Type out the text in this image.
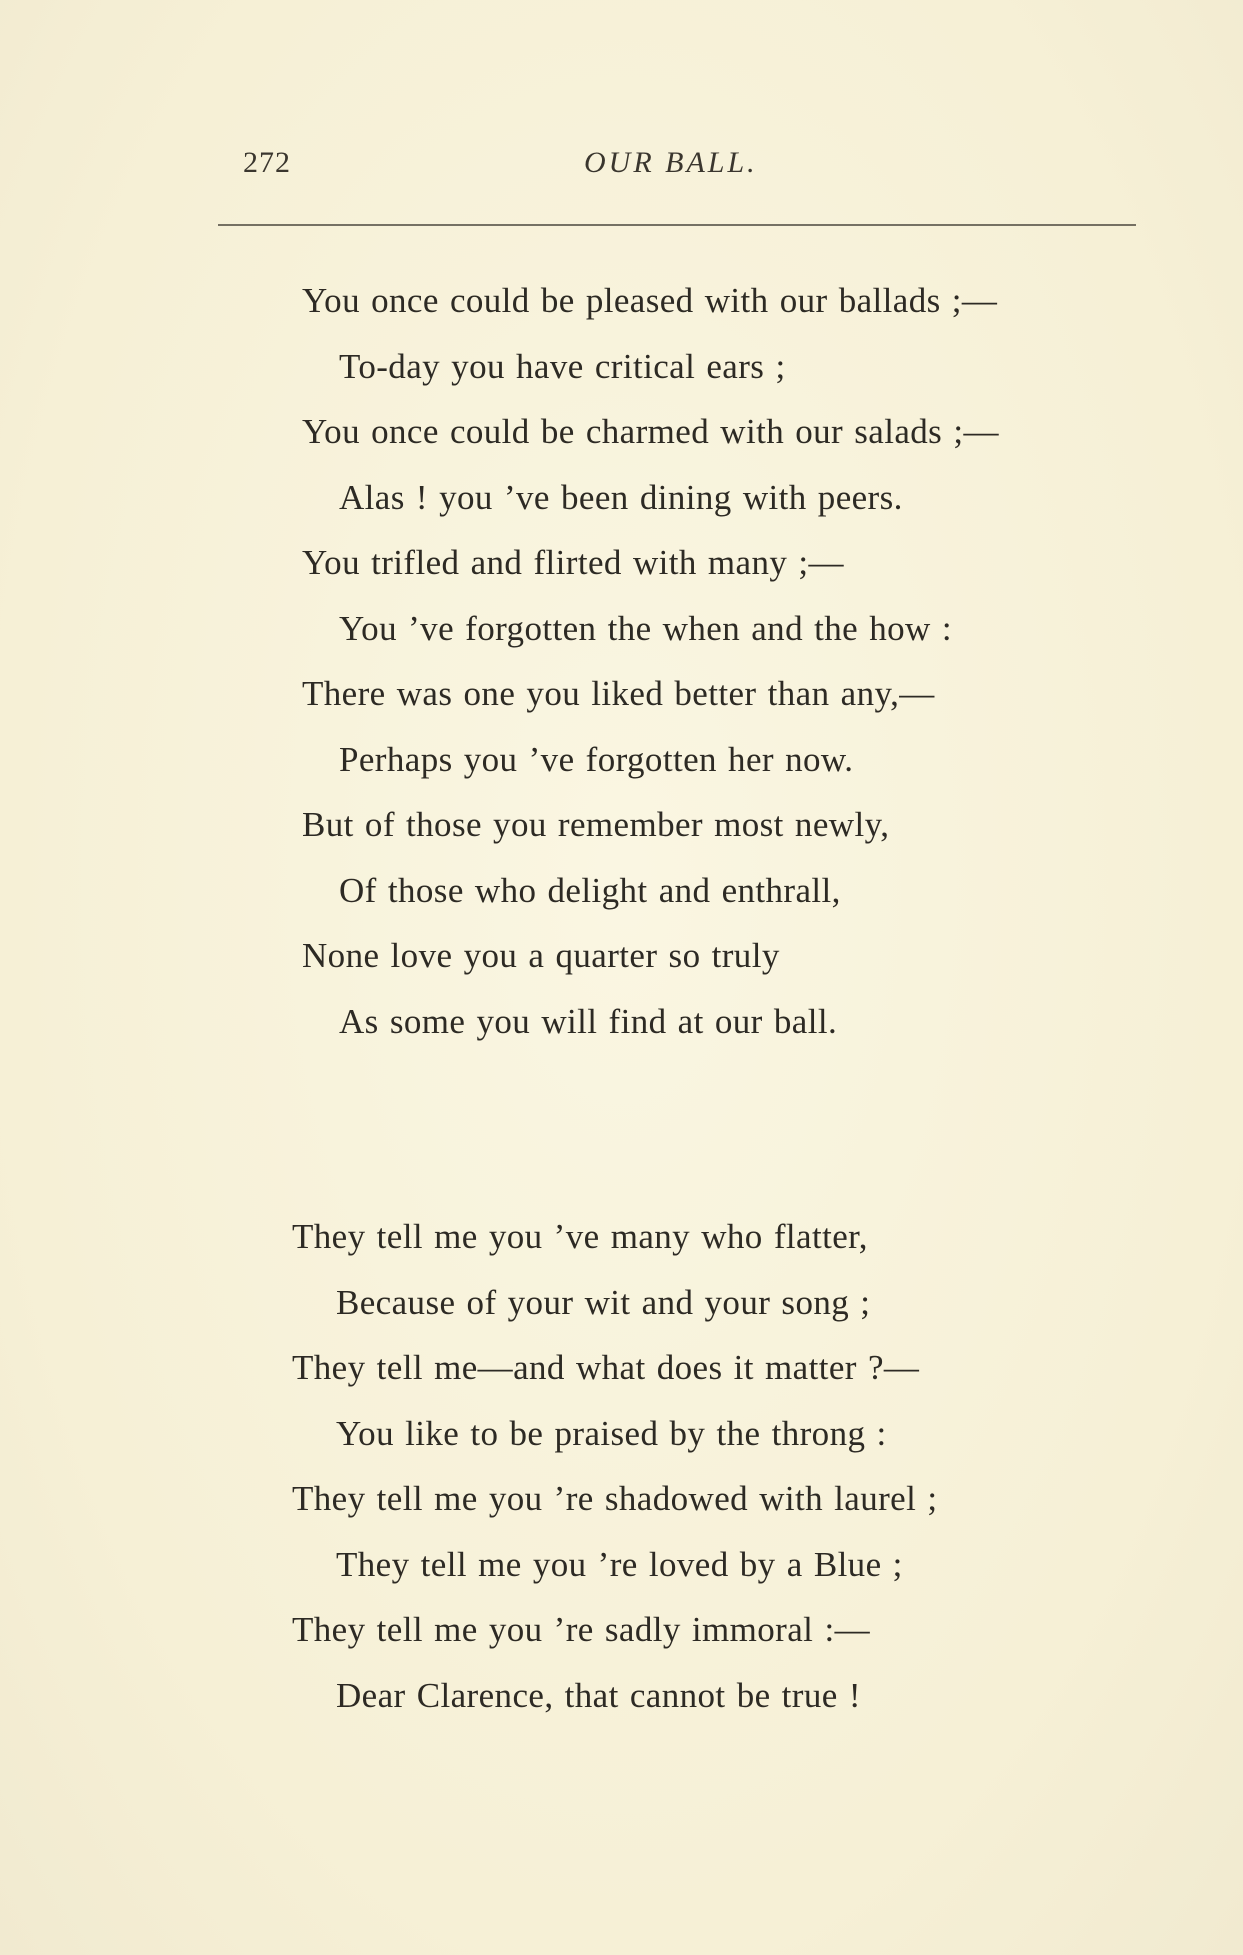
272	OUR BALL.
You once could be pleased with our ballads ;—
To-day you have critical ears ;
You once could be charmed with our salads ;—
Alas ! you ’ve been dining with peers.
You trifled and flirted with many ;—
You ’ve forgotten the when and the how :
There was one you liked better than any,—
Perhaps you ’ve forgotten her now.
But of those you remember most newly,
Of those who delight and enthrall,
None love you a quarter so truly
As some you will find at our ball.
They tell me you ’ve many who flatter,
Because of your wit and your song ;
They tell me—and what does it matter ?—
You like to be praised by the throng :
They tell me you ’re shadowed with laurel ;
They tell me you ’re loved by a Blue ;
They tell me you ’re sadly immoral :—
Dear Clarence, that cannot be true !
